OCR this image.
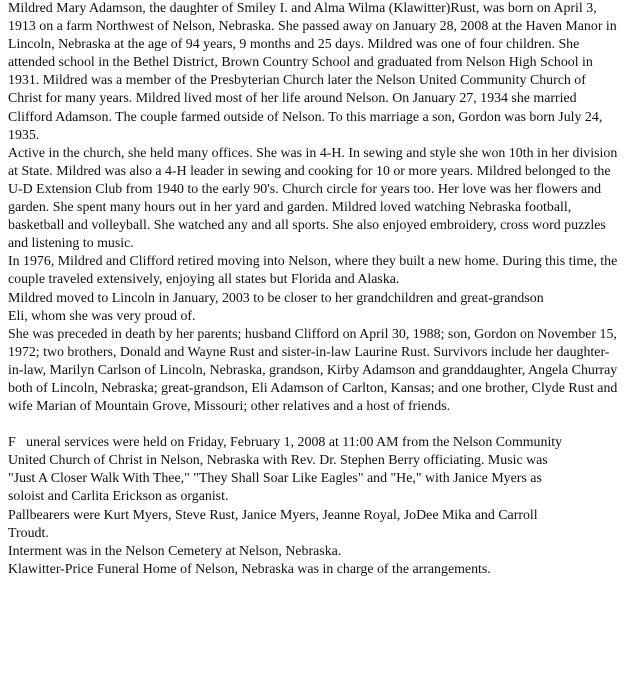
Mildred Mary Adamson, the daughter of Smiley I. and Alma Wilma (Klawitter)Rust, was born on April 3, 1913 on a farm Northwest of Nelson, Nebraska. She passed away on January 28, 2008 at the Haven Manor in Lincoln, Nebraska at the age of 94 years, 9 months and 25 days. Mildred was one of four children. She attended school in the Bethel District, Brown Country School and graduated from Nelson High School in 1931. Mildred was a member of the Presbyterian Church later the Nelson United Community Church of Christ for many years. Mildred lived most of her life around Nelson. On January 27, 1934 she married Clifford Adamson. The couple farmed outside of Nelson. To this marriage a son, Gordon was born July 24, 1935.

Active in the church, she held many offices. She was in 4-H. In sewing and style she won 10th in her division at State. Mildred was also a 4-H leader in sewing and cooking for 10 or more years. Mildred belonged to the U-D Extension Club from 1940 to the early 90's. Church circle for years too. Her love was her flowers and garden. She spent many hours out in her yard and garden. Mildred loved watching Nebraska football, basketball and volleyball. She watched any and all sports. She also enjoyed embroidery, cross word puzzles and listening to music.

In 1976, Mildred and Clifford retired moving into Nelson, where they built a new home. During this time, the couple traveled extensively, enjoying all states but Florida and Alaska.

Mildred moved to Lincoln in January, 2003 to be closer to her grandchildren and great-grandson Eli, whom she was very proud of.

She was preceded in death by her parents; husband Clifford on April 30, 1988; son, Gordon on November 15, 1972; two brothers, Donald and Wayne Rust and sister-in-law Laurine Rust. Survivors include her daughter-in-law, Marilyn Carlson of Lincoln, Nebraska, grandson, Kirby Adamson and granddaughter, Angela Churray both of Lincoln, Nebraska; great-grandson, Eli Adamson of Carlton, Kansas; and one brother, Clyde Rust and wife Marian of Mountain Grove, Missouri; other relatives and a host of friends.

F   uneral services were held on Friday, February 1, 2008 at 11:00 AM from the Nelson Community United Church of Christ in Nelson, Nebraska with Rev. Dr. Stephen Berry officiating. Music was "Just A Closer Walk With Thee," "They Shall Soar Like Eagles" and "He," with Janice Myers as soloist and Carlita Erickson as organist.

Pallbearers were Kurt Myers, Steve Rust, Janice Myers, Jeanne Royal, JoDee Mika and Carroll Troudt.

Interment was in the Nelson Cemetery at Nelson, Nebraska.

Klawitter-Price Funeral Home of Nelson, Nebraska was in charge of the arrangements.
